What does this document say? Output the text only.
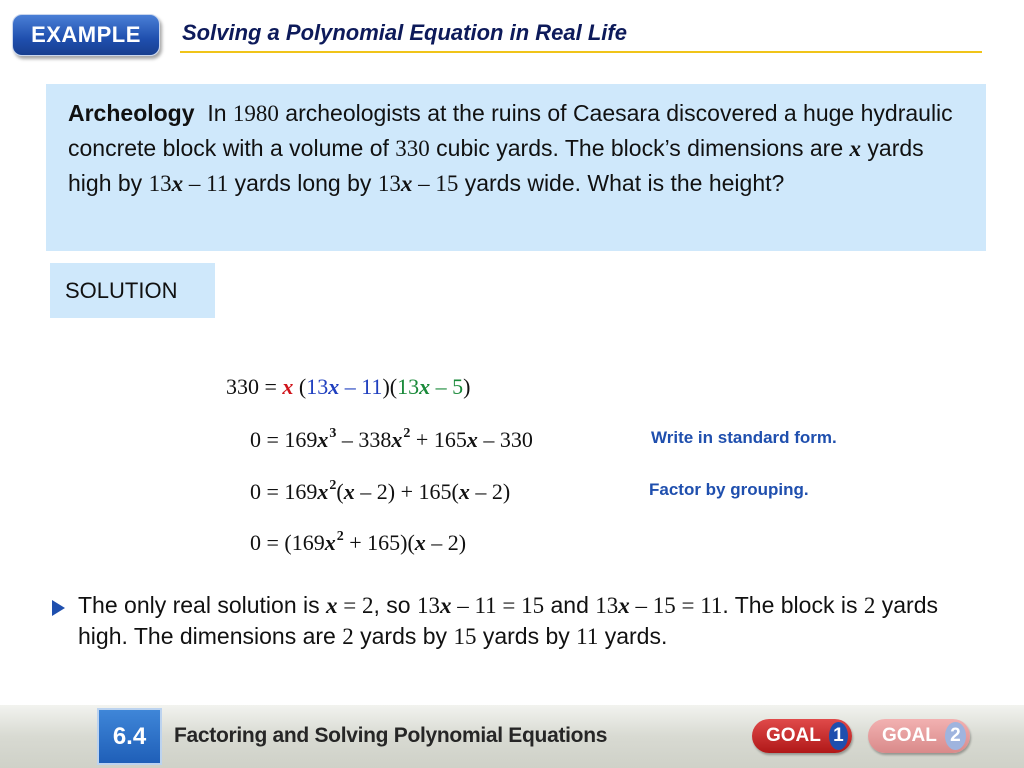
EXAMPLE Solving a Polynomial Equation in Real Life
Archeology In 1980 archeologists at the ruins of Caesara discovered a huge hydraulic concrete block with a volume of 330 cubic yards. The block’s dimensions are x yards high by 13x – 11 yards long by 13x – 15 yards wide. What is the height?
SOLUTION
330 = x (13x – 11)(13x – 5)
$0 = 169x^3 - 338x^2 + 165x - 330$	Write in standard form.
$0 = 169x^2(x - 2) + 165(x - 2)$	Factor by grouping.
$0 = (169x^2 + 165)(x - 2)$
The only real solution is x = 2, so 13x – 11 = 15 and 13x – 15 = 11. The block is 2 yards high. The dimensions are 2 yards by 15 yards by 11 yards.
6.4	Factoring and Solving Polynomial Equations	GOAL 1 GOAL 2
